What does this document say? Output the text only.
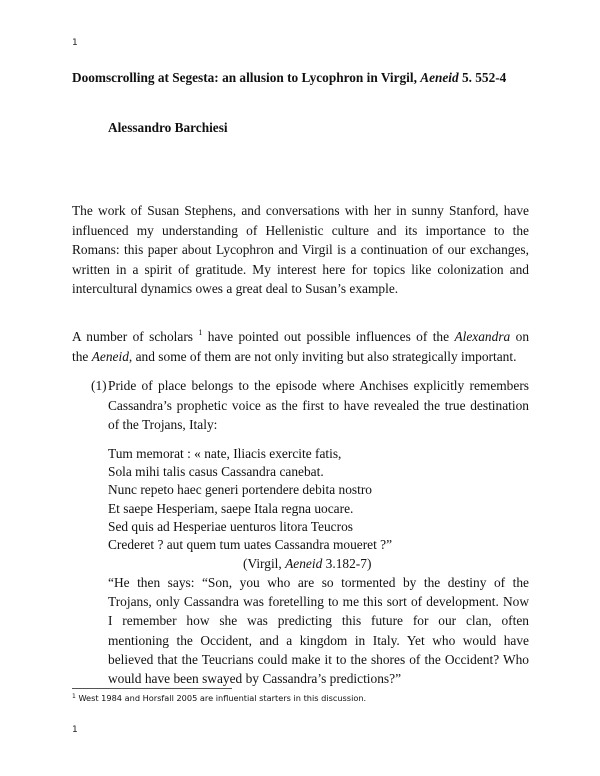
1
Doomscrolling at Segesta: an allusion to Lycophron in Virgil, Aeneid 5. 552-4
Alessandro Barchiesi
The work of Susan Stephens, and conversations with her in sunny Stanford, have
influenced my understanding of Hellenistic culture and its importance to the
Romans: this paper about Lycophron and Virgil is a continuation of our exchanges,
written in a spirit of gratitude. My interest here for topics like colonization and
intercultural dynamics owes a great deal to Susan’s example.
A number of scholars $^1$ have pointed out possible influences of the Alexandra on
the Aeneid, and some of them are not only inviting but also strategically important.
(1) Pride of place belongs to the episode where Anchises explicitly remembers
Cassandra’s prophetic voice as the first to have revealed the true destination
of the Trojans, Italy:
Tum memorat : « nate, Iliacis exercite fatis,
Sola mihi talis casus Cassandra canebat.
Nunc repeto haec generi portendere debita nostro
Et saepe Hesperiam, saepe Itala regna uocare.
Sed quis ad Hesperiae uenturos litora Teucros
Crederet ? aut quem tum uates Cassandra moueret ?”
(Virgil, Aeneid 3.182-7)
“He then says: “Son, you who are so tormented by the destiny of the
Trojans, only Cassandra was foretelling to me this sort of development. Now
I remember how she was predicting this future for our clan, often
mentioning the Occident, and a kingdom in Italy. Yet who would have
believed that the Teucrians could make it to the shores of the Occident? Who
would have been swayed by Cassandra’s predictions?”
$^1$ West 1984 and Horsfall 2005 are influential starters in this discussion.
1
